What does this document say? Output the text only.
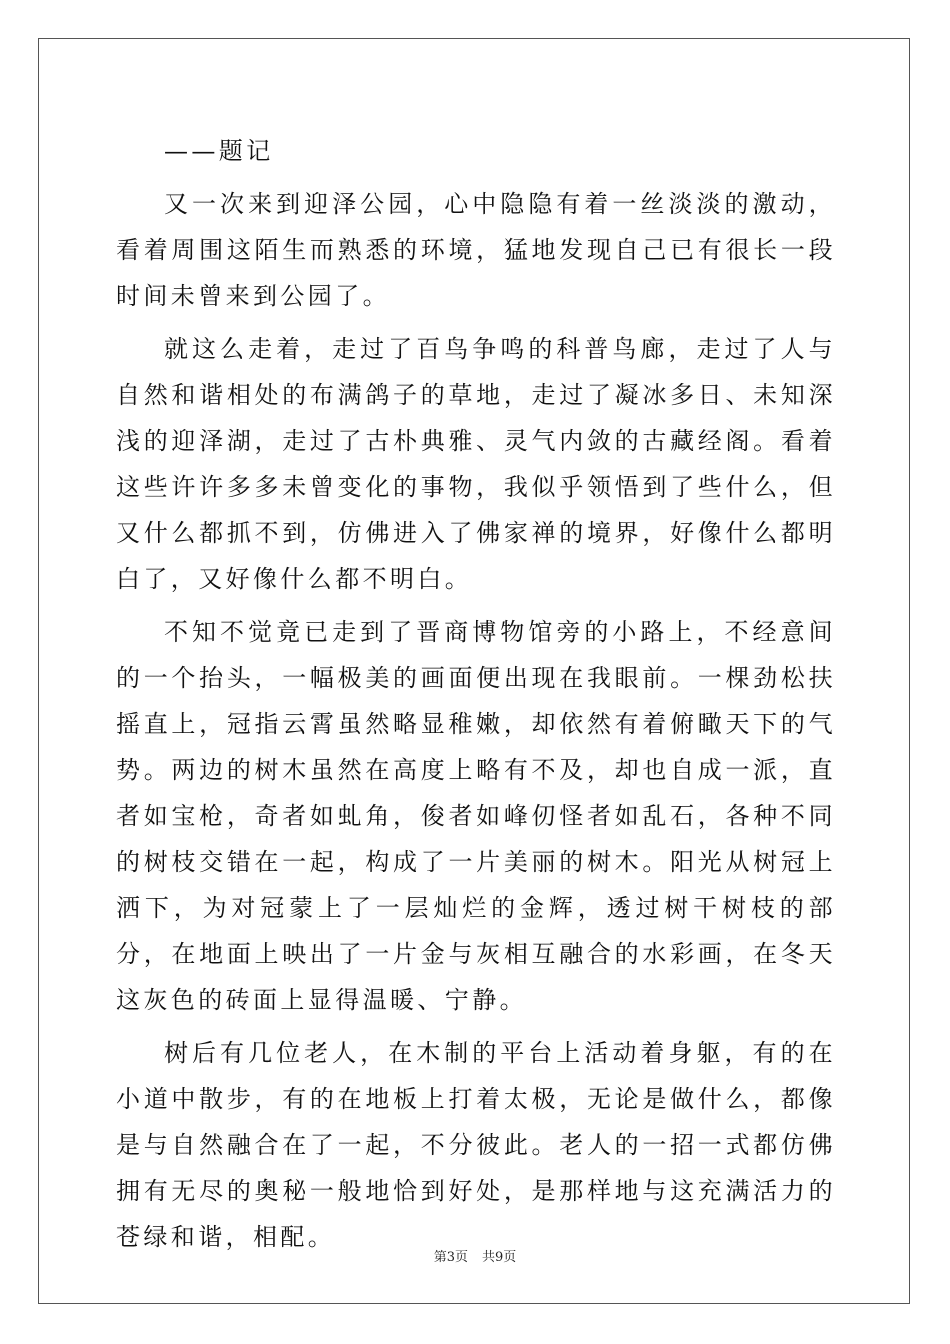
——题记

又一次来到迎泽公园，心中隐隐有着一丝淡淡的激动，看着周围这陌生而熟悉的环境，猛地发现自己已有很长一段时间未曾来到公园了。

就这么走着，走过了百鸟争鸣的科普鸟廊，走过了人与自然和谐相处的布满鸽子的草地，走过了凝冰多日、未知深浅的迎泽湖，走过了古朴典雅、灵气内敛的古藏经阁。看着这些许许多多未曾变化的事物，我似乎领悟到了些什么，但又什么都抓不到，仿佛进入了佛家禅的境界，好像什么都明白了，又好像什么都不明白。

不知不觉竟已走到了晋商博物馆旁的小路上，不经意间的一个抬头，一幅极美的画面便出现在我眼前。一棵劲松扶摇直上，冠指云霄虽然略显稚嫩，却依然有着俯瞰天下的气势。两边的树木虽然在高度上略有不及，却也自成一派，直者如宝枪，奇者如虬角，俊者如峰仞怪者如乱石，各种不同的树枝交错在一起，构成了一片美丽的树木。阳光从树冠上洒下，为对冠蒙上了一层灿烂的金辉，透过树干树枝的部分，在地面上映出了一片金与灰相互融合的水彩画，在冬天这灰色的砖面上显得温暖、宁静。

树后有几位老人，在木制的平台上活动着身躯，有的在小道中散步，有的在地板上打着太极，无论是做什么，都像是与自然融合在了一起，不分彼此。老人的一招一式都仿佛拥有无尽的奥秘一般地恰到好处，是那样地与这充满活力的苍绿和谐，相配。

第3页 共9页
